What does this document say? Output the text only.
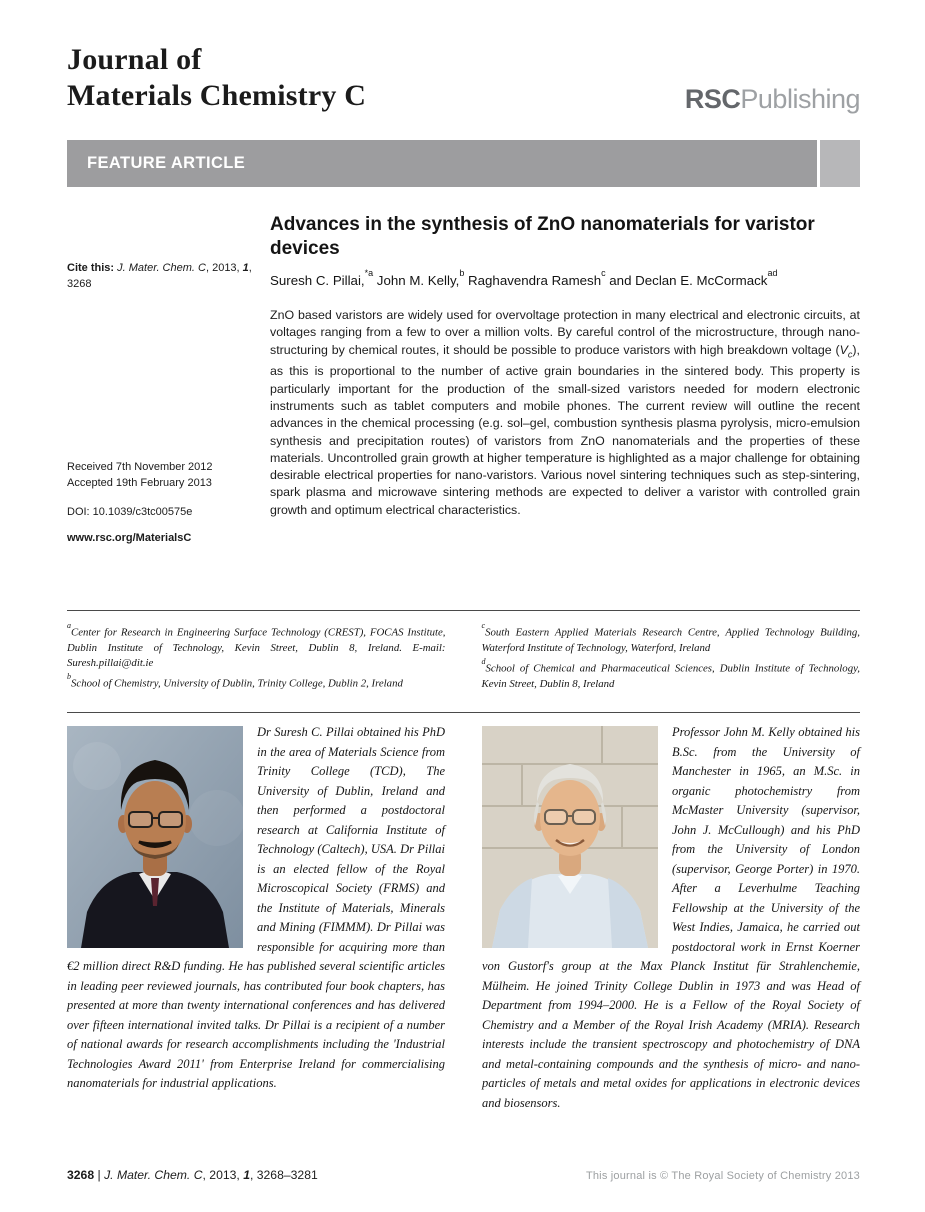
Journal of
Materials Chemistry C	RSCPublishing
FEATURE ARTICLE
Cite this: J. Mater. Chem. C, 2013, 1, 3268
Received 7th November 2012
Accepted 19th February 2013
DOI: 10.1039/c3tc00575e
www.rsc.org/MaterialsC
Advances in the synthesis of ZnO nanomaterials for varistor devices
Suresh C. Pillai,$^{*a}$ John M. Kelly,$^b$ Raghavendra Ramesh$^c$ and Declan E. McCormack$^{ad}$

ZnO based varistors are widely used for overvoltage protection in many electrical and electronic circuits, at voltages ranging from a few to over a million volts. By careful control of the microstructure, through nano-structuring by chemical routes, it should be possible to produce varistors with high breakdown voltage $(V_c)$, as this is proportional to the number of active grain boundaries in the sintered body. This property is particularly important for the production of the small-sized varistors needed for modern electronic instruments such as tablet computers and mobile phones. The current review will outline the recent advances in the chemical processing (e.g. sol–gel, combustion synthesis plasma pyrolysis, micro-emulsion synthesis and precipitation routes) of varistors from ZnO nanomaterials and the properties of these materials. Uncontrolled grain growth at higher temperature is highlighted as a major challenge for obtaining desirable electrical properties for nano-varistors. Various novel sintering techniques such as step-sintering, spark plasma and microwave sintering methods are expected to deliver a varistor with controlled grain growth and optimum electrical characteristics.

$^a$Center for Research in Engineering Surface Technology (CREST), FOCAS Institute, Dublin Institute of Technology, Kevin Street, Dublin 8, Ireland. E-mail: Suresh.pillai@dit.ie

$^b$School of Chemistry, University of Dublin, Trinity College, Dublin 2, Ireland

$^c$South Eastern Applied Materials Research Centre, Applied Technology Building, Waterford Institute of Technology, Waterford, Ireland

$^d$School of Chemical and Pharmaceutical Sciences, Dublin Institute of Technology, Kevin Street, Dublin 8, Ireland

Dr Suresh C. Pillai obtained his PhD in the area of Materials Science from Trinity College (TCD), The University of Dublin, Ireland and then performed a postdoctoral research at California Institute of Technology (Caltech), USA. Dr Pillai is an elected fellow of the Royal Microscopical Society (FRMS) and the Institute of Materials, Minerals and Mining (FIMMM). Dr Pillai was responsible for acquiring more than €2 million direct R&D funding. He has published several scientific articles in leading peer reviewed journals, has contributed four book chapters, has presented at more than twenty international conferences and has delivered over fifteen international invited talks. Dr Pillai is a recipient of a number of national awards for research accomplishments including the 'Industrial Technologies Award 2011' from Enterprise Ireland for commercialising nanomaterials for industrial applications.

Professor John M. Kelly obtained his B.Sc. from the University of Manchester in 1965, an M.Sc. in organic photochemistry from McMaster University (supervisor, John J. McCullough) and his PhD from the University of London (supervisor, George Porter) in 1970. After a Leverhulme Teaching Fellowship at the University of the West Indies, Jamaica, he carried out postdoctoral work in Ernst Koerner von Gustorf's group at the Max Planck Institut für Strahlenchemie, Mülheim. He joined Trinity College Dublin in 1973 and was Head of Department from 1994–2000. He is a Fellow of the Royal Society of Chemistry and a Member of the Royal Irish Academy (MRIA). Research interests include the transient spectroscopy and photochemistry of DNA and metal-containing compounds and the synthesis of micro- and nano-particles of metals and metal oxides for applications in electronic devices and biosensors.

3268 | J. Mater. Chem. C, 2013, 1, 3268–3281	This journal is © The Royal Society of Chemistry 2013
